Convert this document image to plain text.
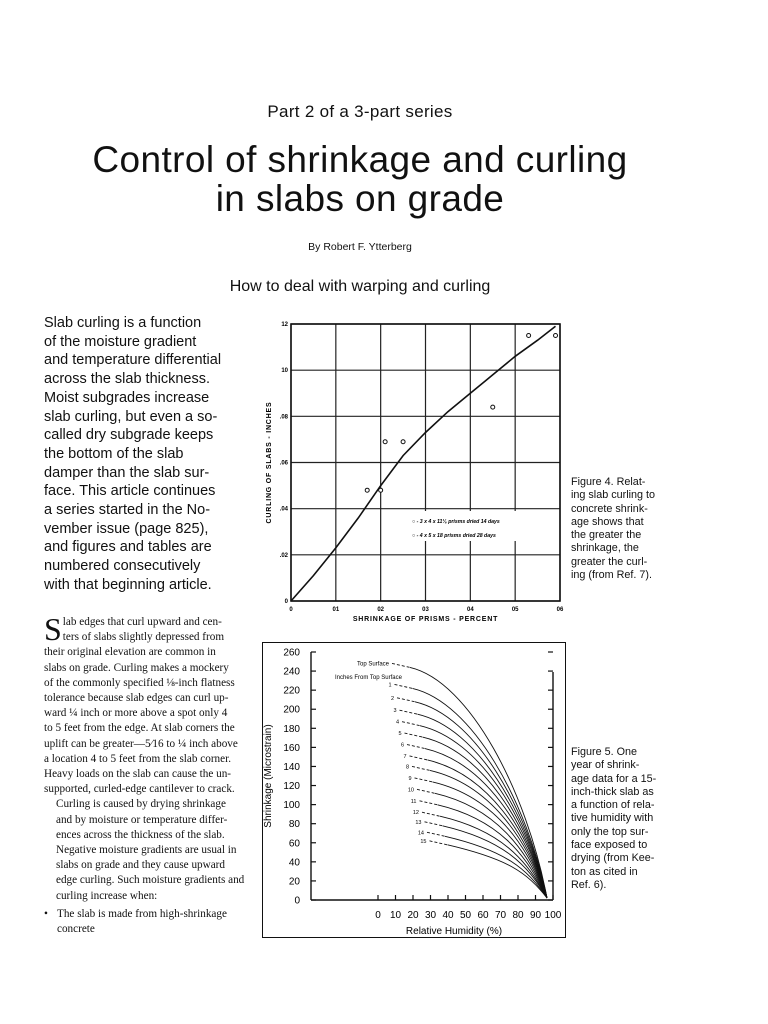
Part 2 of a 3-part series
Control of shrinkage and curling
in slabs on grade
By Robert F. Ytterberg
How to deal with warping and curling
Slab curling is a function
of the moisture gradient
and temperature differential
across the slab thickness.
Moist subgrades increase
slab curling, but even a so-
called dry subgrade keeps
the bottom of the slab
damper than the slab sur-
face. This article continues
a series started in the No-
vember issue (page 825),
and figures and tables are
numbered consecutively
with that beginning article.
S lab edges that curl upward and cen-
ters of slabs slightly depressed from
their original elevation are common in
slabs on grade. Curling makes a mockery
of the commonly specified ⅛-inch flatness
tolerance because slab edges can curl up-
ward ¼ inch or more above a spot only 4
to 5 feet from the edge. At slab corners the
uplift can be greater—5⁄16 to ¼ inch above
a location 4 to 5 feet from the slab corner.
Heavy loads on the slab can cause the un-
supported, curled-edge cantilever to crack.
Curling is caused by drying shrinkage
and by moisture or temperature differ-
ences across the thickness of the slab.
Negative moisture gradients are usual in
slabs on grade and they cause upward
edge curling. Such moisture gradients and
curling increase when:
• The slab is made from high-shrinkage
concrete
0	01	02	03	04	05	06
0
.02
.04
.06
.08
10
12
○ - 3 x 4 x 11⅛ prisms dried 14 days
○ - 4 x 5 x 18 prisms dried 28 days
SHRINKAGE OF PRISMS - PERCENT
CURLING OF SLABS - INCHES
0
20
40
60
80
100
120
140
160
180
200
220
240
260
0 10 20 30 40 50 60 70 80 90 100
1
2
3
4
5
6
7
8
9
10
11
12
13
14
15
Top Surface
Inches From Top Surface
Relative Humidity (%)
Shrinkage (Microstrain)
Figure 4. Relat-
ing slab curling to
concrete shrink-
age shows that
the greater the
shrinkage, the
greater the curl-
ing (from Ref. 7).
Figure 5. One
year of shrink-
age data for a 15-
inch-thick slab as
a function of rela-
tive humidity with
only the top sur-
face exposed to
drying (from Kee-
ton as cited in
Ref. 6).
